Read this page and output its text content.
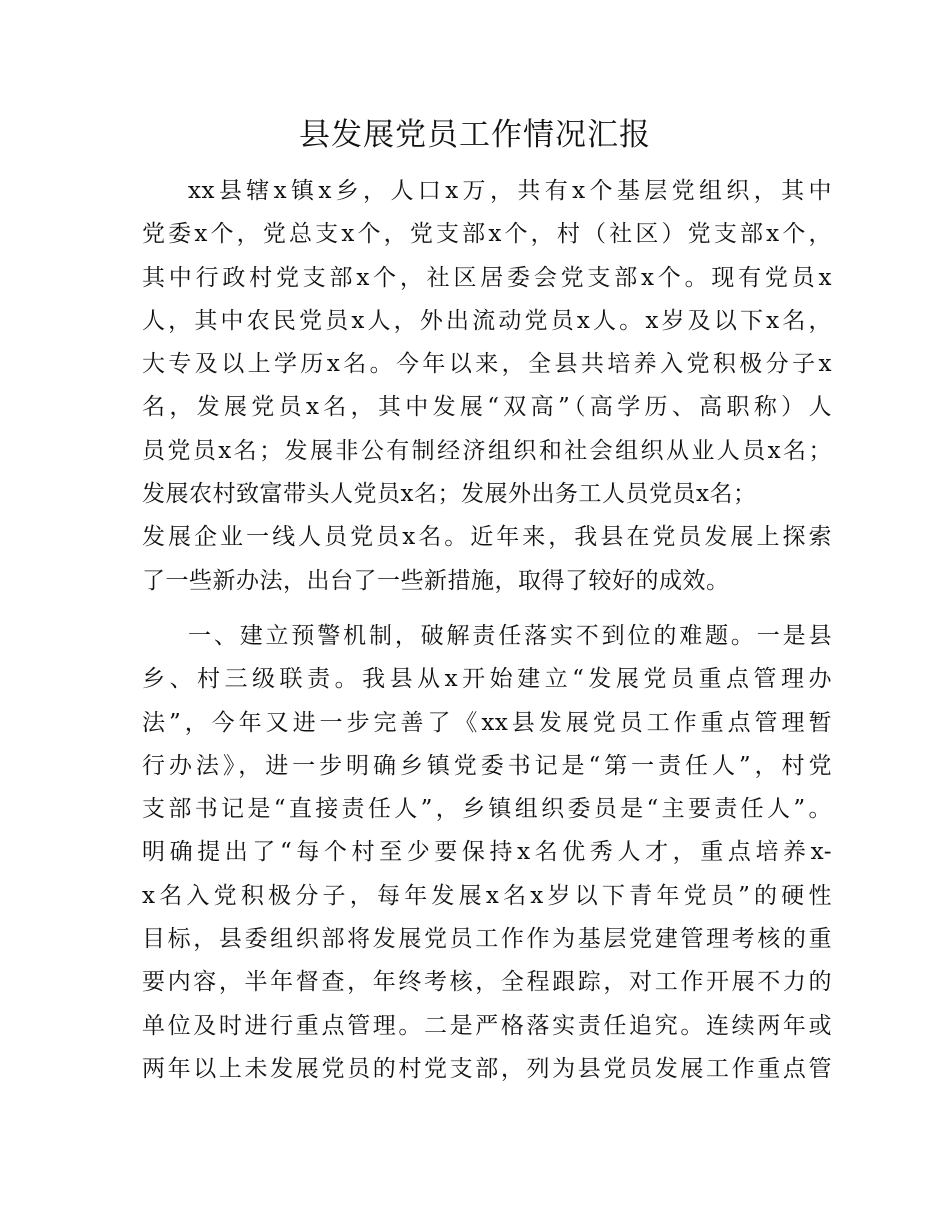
县发展党员工作情况汇报
xx县辖x镇x乡，人口x万，共有x个基层党组织，其中
党委x个，党总支x个，党支部x个，村（社区）党支部x个，
其中行政村党支部x个，社区居委会党支部x个。现有党员x
人，其中农民党员x人，外出流动党员x人。x岁及以下x名，
大专及以上学历x名。今年以来，全县共培养入党积极分子x
名，发展党员x名，其中发展“双高”（高学历、高职称）人
员党员x名；发展非公有制经济组织和社会组织从业人员x名；
发展农村致富带头人党员x名；发展外出务工人员党员x名；
发展企业一线人员党员x名。近年来，我县在党员发展上探索
了一些新办法，出台了一些新措施，取得了较好的成效。
一、建立预警机制，破解责任落实不到位的难题。一是县
乡、村三级联责。我县从x开始建立“发展党员重点管理办
法”，今年又进一步完善了《xx县发展党员工作重点管理暂
行办法》，进一步明确乡镇党委书记是“第一责任人”，村党
支部书记是“直接责任人”，乡镇组织委员是“主要责任人”。
明确提出了“每个村至少要保持x名优秀人才，重点培养x-
x名入党积极分子，每年发展x名x岁以下青年党员”的硬性
目标，县委组织部将发展党员工作作为基层党建管理考核的重
要内容，半年督查，年终考核，全程跟踪，对工作开展不力的
单位及时进行重点管理。二是严格落实责任追究。连续两年或
两年以上未发展党员的村党支部，列为县党员发展工作重点管
